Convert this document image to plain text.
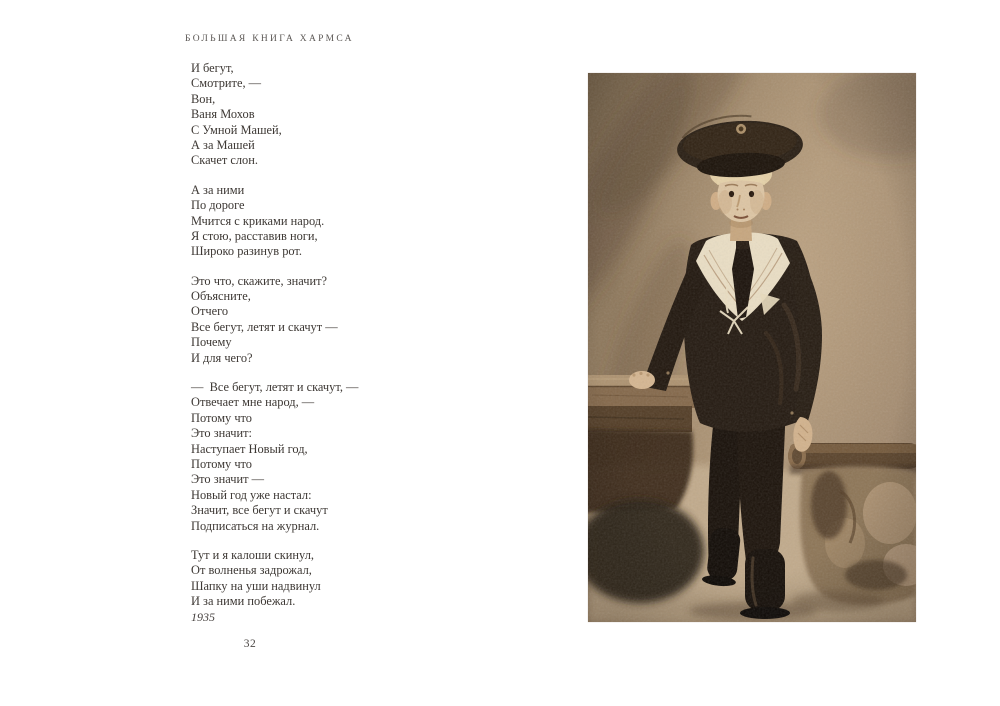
БОЛЬШАЯ КНИГА ХАРМСА
И бегут,
Смотрите, —
Вон,
Ваня Мохов
С Умной Машей,
А за Машей
Скачет слон.
А за ними
По дороге
Мчится с криками народ.
Я стою, расставив ноги,
Широко разинув рот.
Это что, скажите, значит?
Объясните,
Отчего
Все бегут, летят и скачут —
Почему
И для чего?
— Все бегут, летят и скачут, —
Отвечает мне народ, —
Потому что
Это значит:
Наступает Новый год,
Потому что
Это значит —
Новый год уже настал:
Значит, все бегут и скачут
Подписаться на журнал.
Тут и я калоши скинул,
От волненья задрожал,
Шапку на уши надвинул
И за ними побежал.
1935
32
